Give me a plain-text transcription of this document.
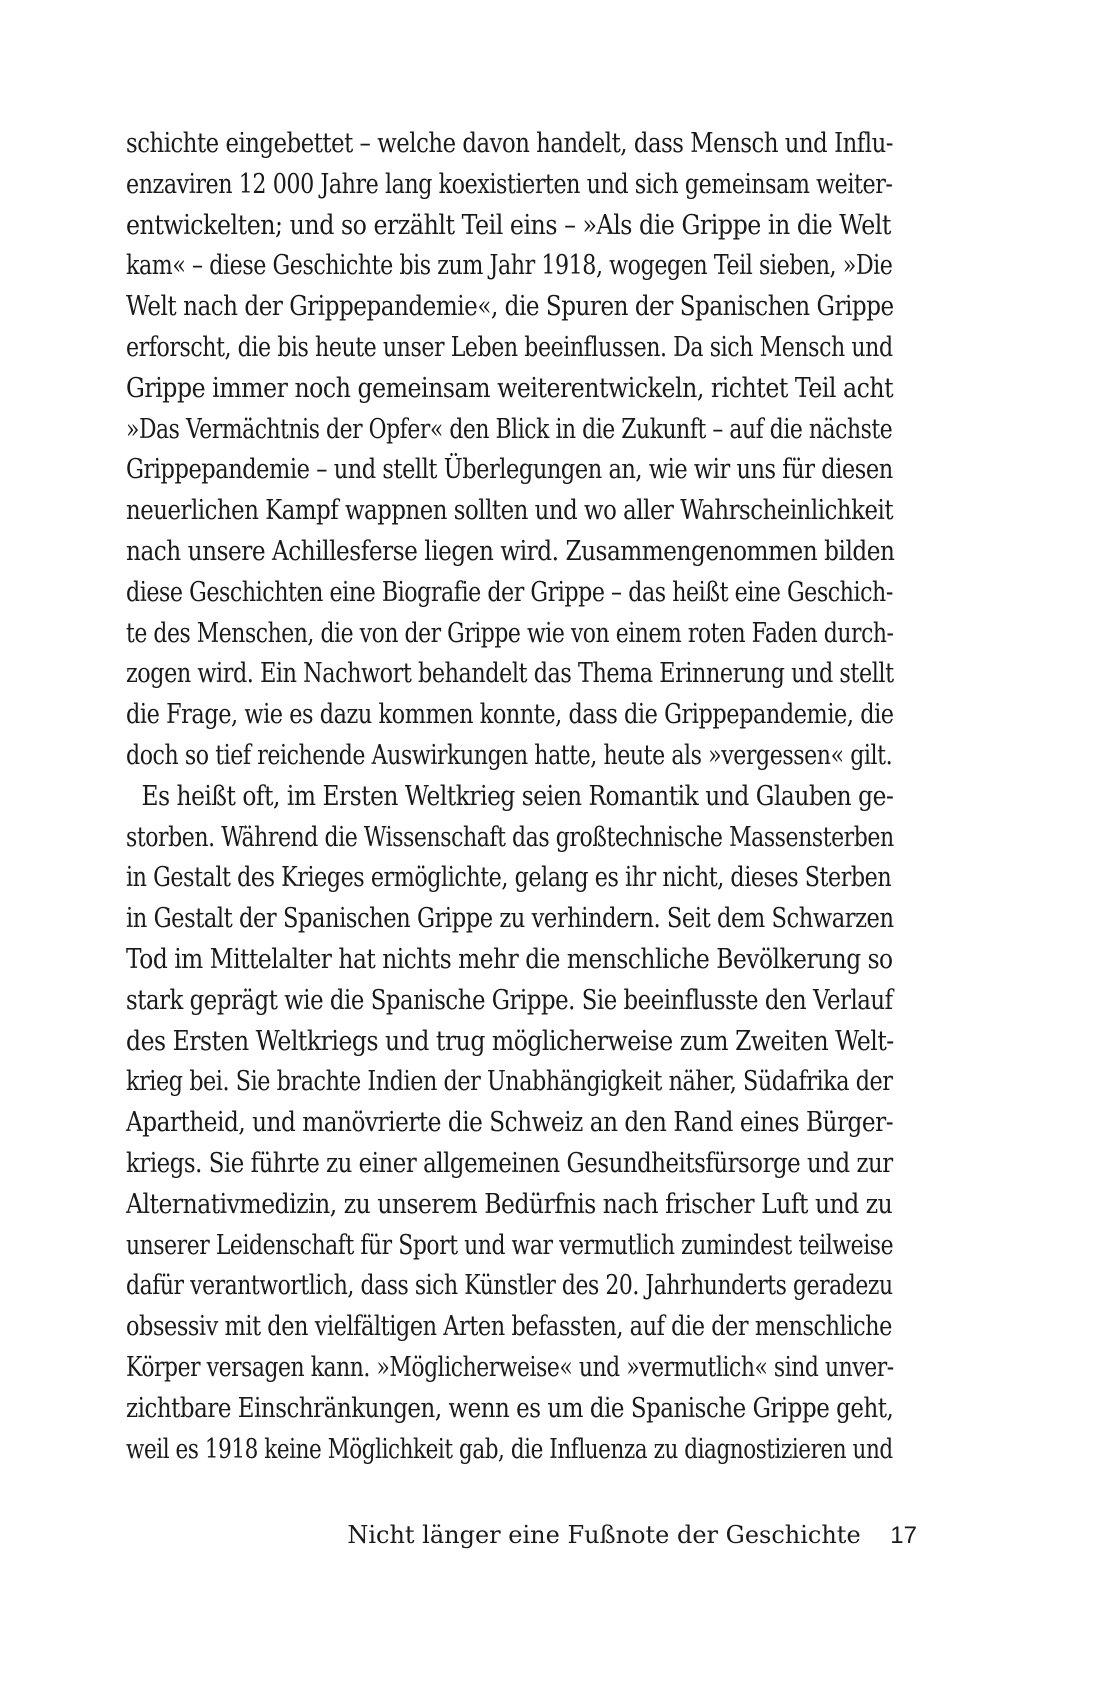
schichte eingebettet – welche davon handelt, dass Mensch und Influ-
enzaviren 12 000 Jahre lang koexistierten und sich gemeinsam weiter-
entwickelten; und so erzählt Teil eins – »Als die Grippe in die Welt
kam« – diese Geschichte bis zum Jahr 1918, wogegen Teil sieben, »Die
Welt nach der Grippepandemie«, die Spuren der Spanischen Grippe
erforscht, die bis heute unser Leben beeinflussen. Da sich Mensch und
Grippe immer noch gemeinsam weiterentwickeln, richtet Teil acht
»Das Vermächtnis der Opfer« den Blick in die Zukunft – auf die nächste
Grippepandemie – und stellt Überlegungen an, wie wir uns für diesen
neuerlichen Kampf wappnen sollten und wo aller Wahrscheinlichkeit
nach unsere Achillesferse liegen wird. Zusammengenommen bilden
diese Geschichten eine Biografie der Grippe – das heißt eine Geschich-
te des Menschen, die von der Grippe wie von einem roten Faden durch-
zogen wird. Ein Nachwort behandelt das Thema Erinnerung und stellt
die Frage, wie es dazu kommen konnte, dass die Grippepandemie, die
doch so tief reichende Auswirkungen hatte, heute als »vergessen« gilt.
Es heißt oft, im Ersten Weltkrieg seien Romantik und Glauben ge-
storben. Während die Wissenschaft das großtechnische Massensterben
in Gestalt des Krieges ermöglichte, gelang es ihr nicht, dieses Sterben
in Gestalt der Spanischen Grippe zu verhindern. Seit dem Schwarzen
Tod im Mittelalter hat nichts mehr die menschliche Bevölkerung so
stark geprägt wie die Spanische Grippe. Sie beeinflusste den Verlauf
des Ersten Weltkriegs und trug möglicherweise zum Zweiten Welt-
krieg bei. Sie brachte Indien der Unabhängigkeit näher, Südafrika der
Apartheid, und manövrierte die Schweiz an den Rand eines Bürger-
kriegs. Sie führte zu einer allgemeinen Gesundheitsfürsorge und zur
Alternativmedizin, zu unserem Bedürfnis nach frischer Luft und zu
unserer Leidenschaft für Sport und war vermutlich zumindest teilweise
dafür verantwortlich, dass sich Künstler des 20. Jahrhunderts geradezu
obsessiv mit den vielfältigen Arten befassten, auf die der menschliche
Körper versagen kann. »Möglicherweise« und »vermutlich« sind unver-
zichtbare Einschränkungen, wenn es um die Spanische Grippe geht,
weil es 1918 keine Möglichkeit gab, die Influenza zu diagnostizieren und
Nicht länger eine Fußnote der Geschichte 17
